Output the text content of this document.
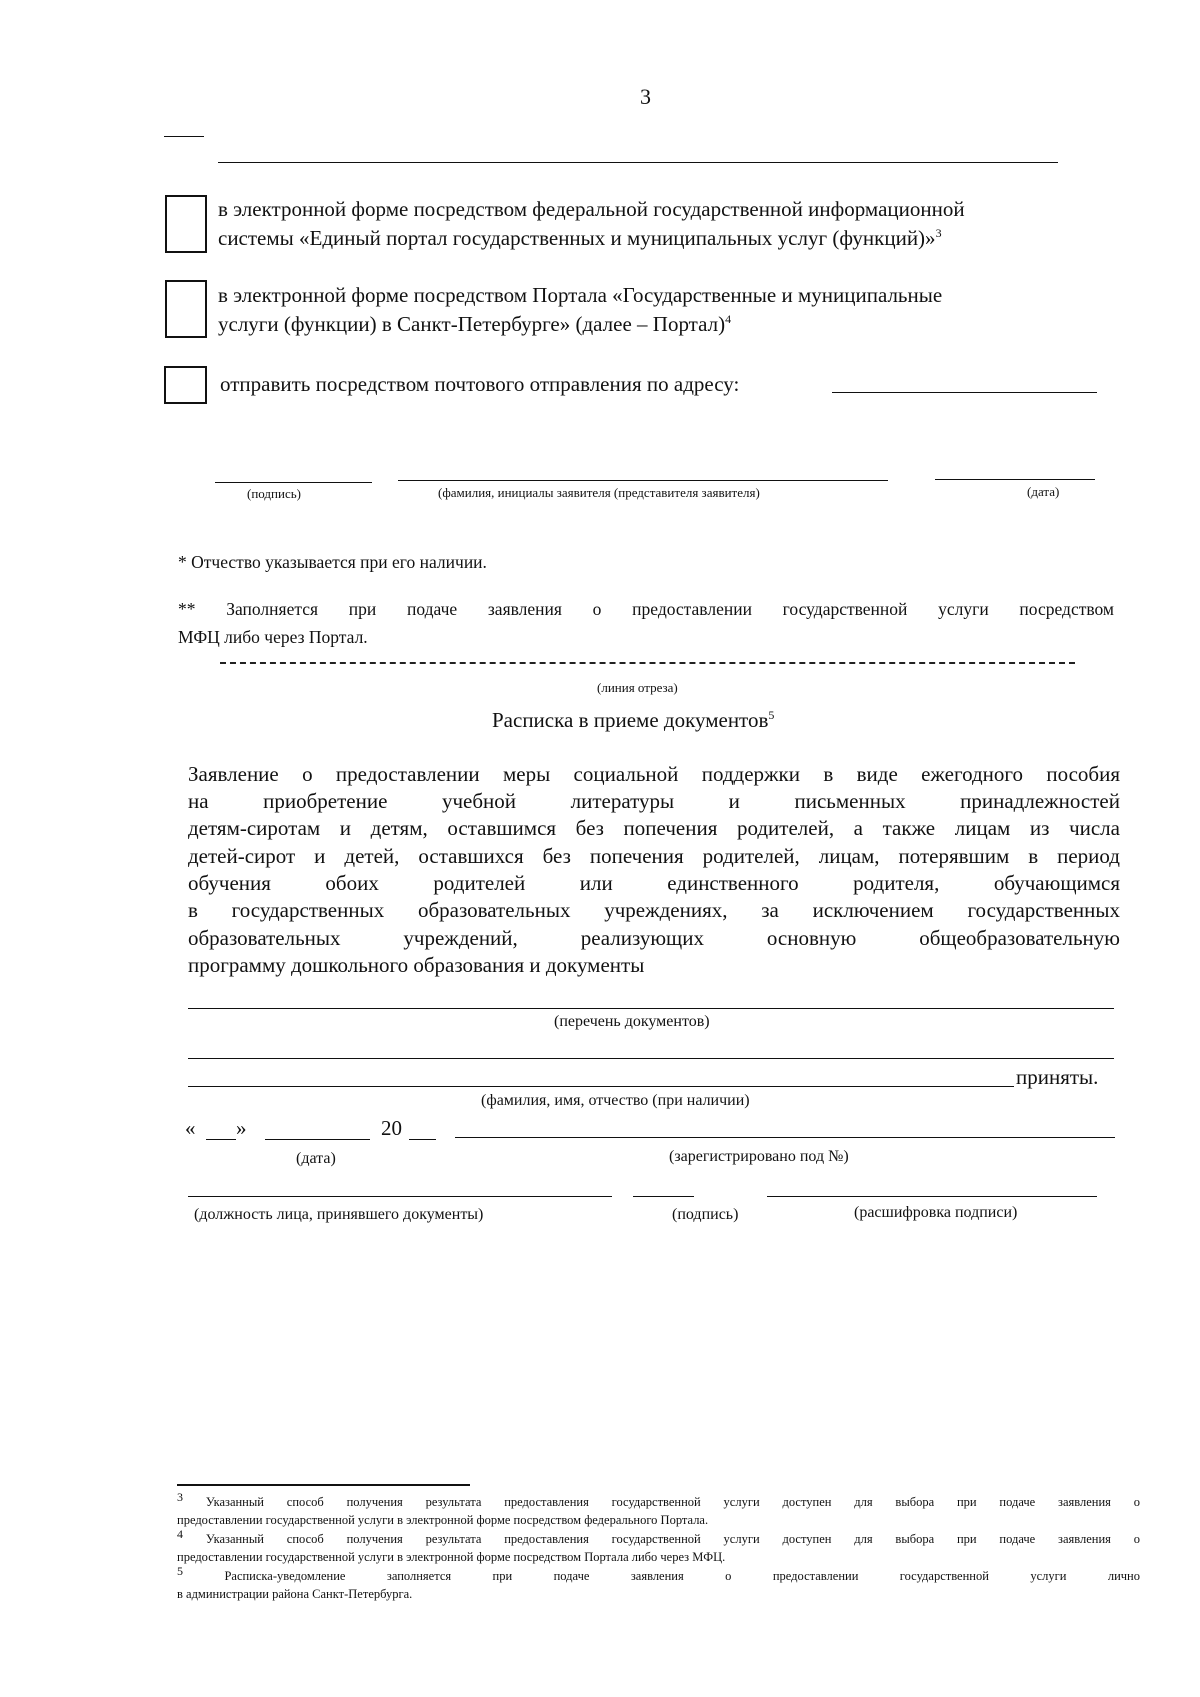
3
в электронной форме посредством федеральной государственной информационной
системы «Единый портал государственных и муниципальных услуг (функций)»$^3$
в электронной форме посредством Портала «Государственные и муниципальные
услуги (функции) в Санкт-Петербурге» (далее – Портал)$^4$
отправить посредством почтового отправления по адресу:
(подпись)	(фамилия, инициалы заявителя (представителя заявителя)	(дата)
* Отчество указывается при его наличии.
** Заполняется при подаче заявления о предоставлении государственной услуги посредством
МФЦ либо через Портал.
(линия отреза)
Расписка в приеме документов$^5$
Заявление о предоставлении меры социальной поддержки в виде ежегодного пособия
на приобретение учебной литературы и письменных принадлежностей
детям-сиротам и детям, оставшимся без попечения родителей, а также лицам из числа
детей-сирот и детей, оставшихся без попечения родителей, лицам, потерявшим в период
обучения обоих родителей или единственного родителя, обучающимся
в государственных образовательных учреждениях, за исключением государственных
образовательных учреждений, реализующих основную общеобразовательную
программу дошкольного образования и документы
(перечень документов)
приняты.
(фамилия, имя, отчество (при наличии)
« »	20
(дата)	(зарегистрировано под №)
(должность лица, принявшего документы)	(подпись)	(расшифровка подписи)
$^3$ Указанный способ получения результата предоставления государственной услуги доступен для выбора при подаче заявления о
предоставлении государственной услуги в электронной форме посредством федерального Портала.
$^4$ Указанный способ получения результата предоставления государственной услуги доступен для выбора при подаче заявления о
предоставлении государственной услуги в электронной форме посредством Портала либо через МФЦ.
$^5$	Расписка-уведомление заполняется при подаче заявления о предоставлении государственной услуги лично
в администрации района Санкт-Петербурга.
